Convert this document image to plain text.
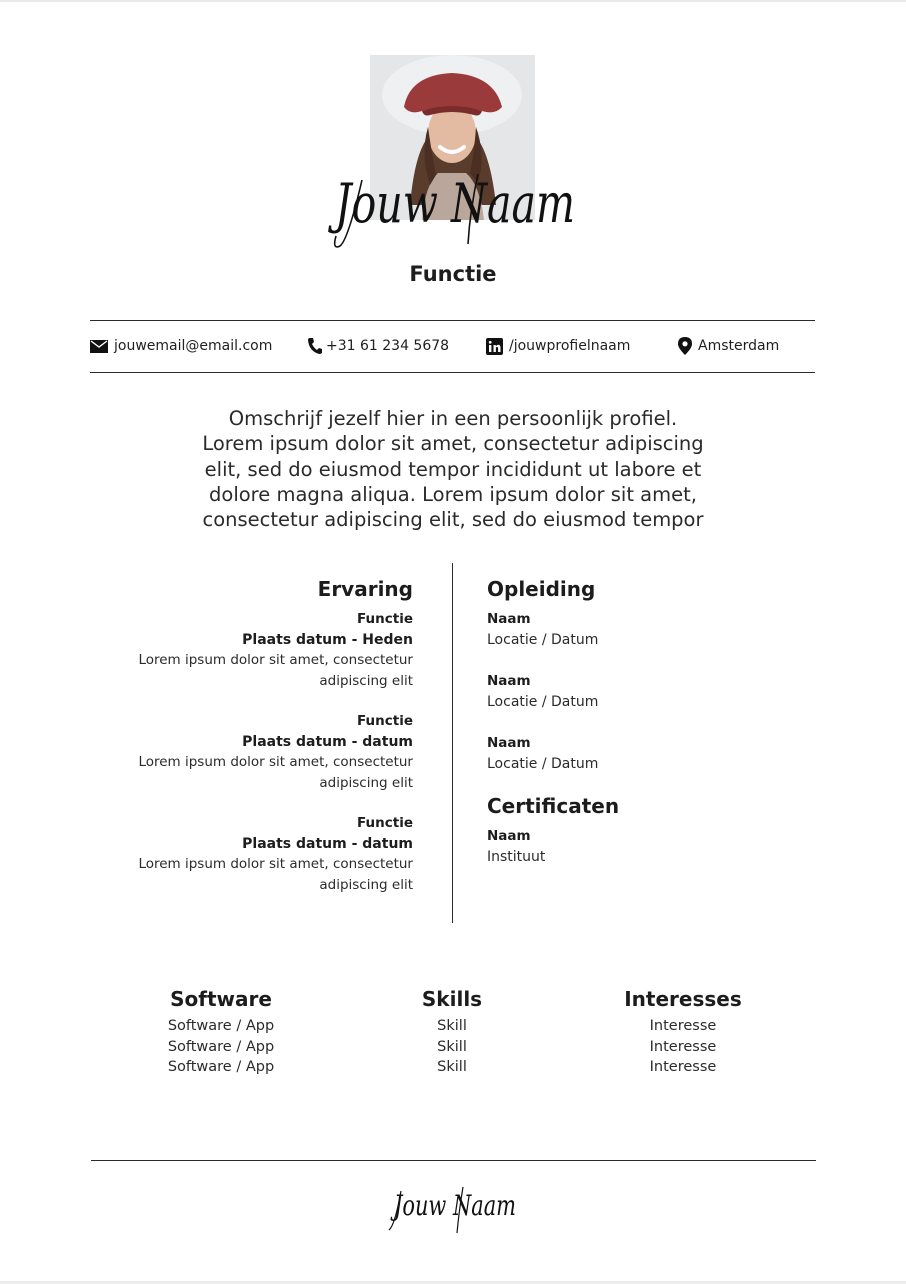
Jouw Naam
Functie
jouwemail@email.com	+31 61 234 5678	/jouwprofielnaam	Amsterdam
Omschrijf jezelf hier in een persoonlijk profiel.
Lorem ipsum dolor sit amet, consectetur adipiscing
elit, sed do eiusmod tempor incididunt ut labore et
dolore magna aliqua. Lorem ipsum dolor sit amet,
consectetur adipiscing elit, sed do eiusmod tempor
Ervaring
Functie
Plaats datum - Heden
Lorem ipsum dolor sit amet, consectetur
adipiscing elit
Functie
Plaats datum - datum
Lorem ipsum dolor sit amet, consectetur
adipiscing elit
Functie
Plaats datum - datum
Lorem ipsum dolor sit amet, consectetur
adipiscing elit
Opleiding
Naam
Locatie / Datum
Naam
Locatie / Datum
Naam
Locatie / Datum
Certificaten
Naam
Instituut
Software
Software / App
Software / App
Software / App
Skills
Skill
Skill
Skill
Interesses
Interesse
Interesse
Interesse
Jouw Naam
